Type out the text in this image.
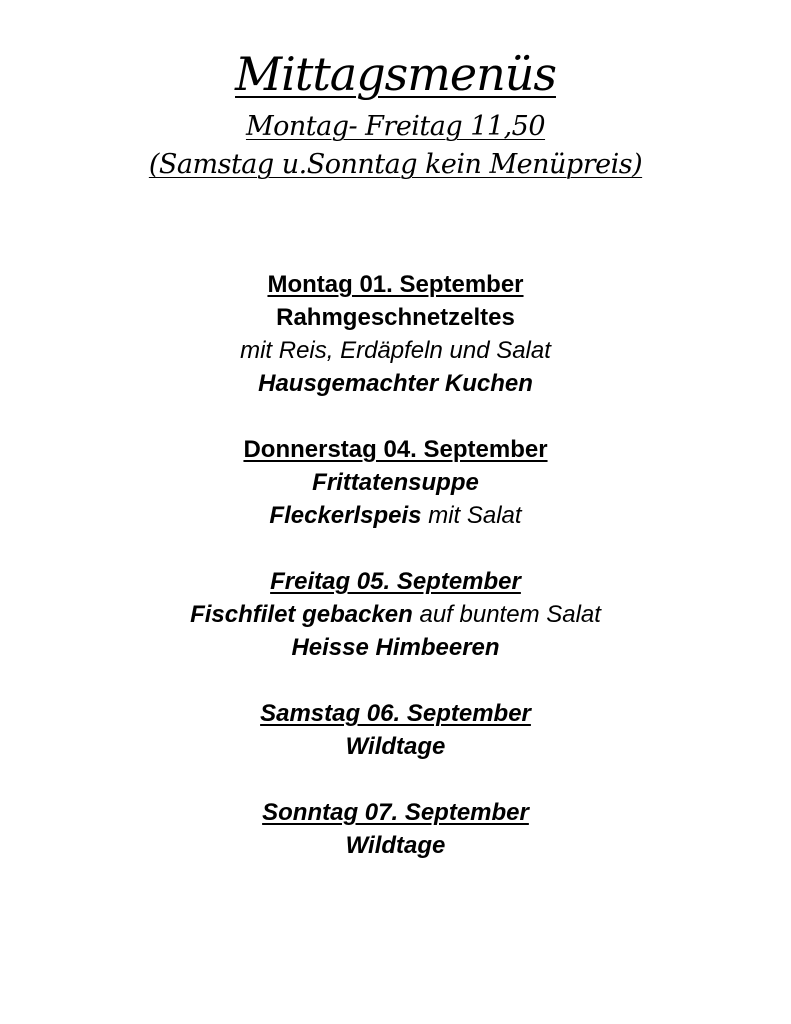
Mittagsmenüs
Montag- Freitag 11,50
(Samstag u.Sonntag kein Menüpreis)
Montag 01. September
Rahmgeschnetzeltes
mit Reis, Erdäpfeln und Salat
Hausgemachter Kuchen
Donnerstag 04. September
Frittatensuppe
Fleckerlspeis mit Salat
Freitag 05. September
Fischfilet gebacken auf buntem Salat
Heisse Himbeeren
Samstag 06. September
Wildtage
Sonntag 07. September
Wildtage
